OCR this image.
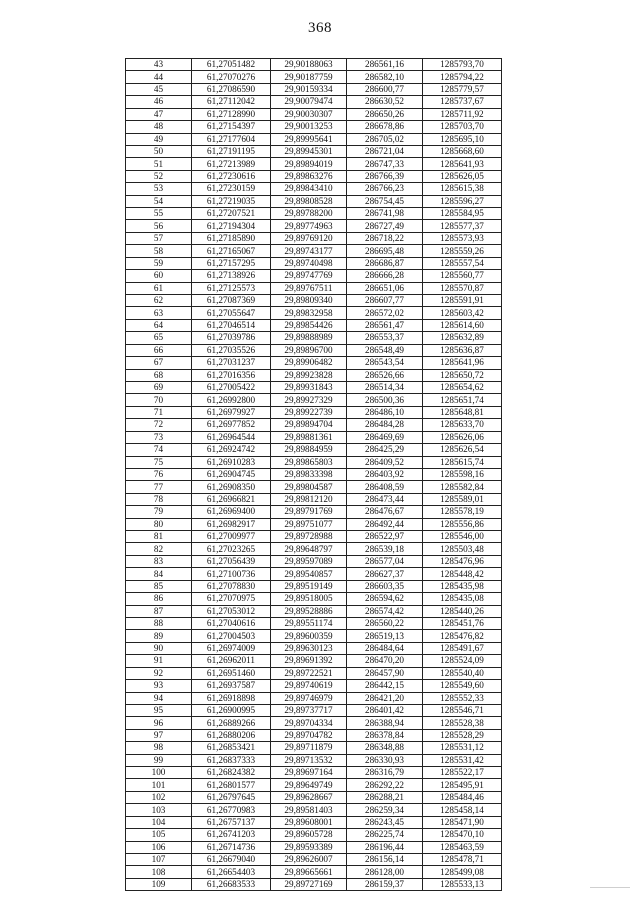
368
43	61,27051482	29,90188063	286561,16	1285793,70
44	61,27070276	29,90187759	286582,10	1285794,22
45	61,27086590	29,90159334	286600,77	1285779,57
46	61,27112042	29,90079474	286630,52	1285737,67
47	61,27128990	29,90030307	286650,26	1285711,92
48	61,27154397	29,90013253	286678,86	1285703,70
49	61,27177604	29,89995641	286705,02	1285695,10
50	61,27191195	29,89945301	286721,04	1285668,60
51	61,27213989	29,89894019	286747,33	1285641,93
52	61,27230616	29,89863276	286766,39	1285626,05
53	61,27230159	29,89843410	286766,23	1285615,38
54	61,27219035	29,89808528	286754,45	1285596,27
55	61,27207521	29,89788200	286741,98	1285584,95
56	61,27194304	29,89774963	286727,49	1285577,37
57	61,27185890	29,89769120	286718,22	1285573,93
58	61,27165067	29,89743177	286695,48	1285559,26
59	61,27157295	29,89740498	286686,87	1285557,54
60	61,27138926	29,89747769	286666,28	1285560,77
61	61,27125573	29,89767511	286651,06	1285570,87
62	61,27087369	29,89809340	286607,77	1285591,91
63	61,27055647	29,89832958	286572,02	1285603,42
64	61,27046514	29,89854426	286561,47	1285614,60
65	61,27039786	29,89888989	286553,37	1285632,89
66	61,27035526	29,89896700	286548,49	1285636,87
67	61,27031237	29,89906482	286543,54	1285641,96
68	61,27016356	29,89923828	286526,66	1285650,72
69	61,27005422	29,89931843	286514,34	1285654,62
70	61,26992800	29,89927329	286500,36	1285651,74
71	61,26979927	29,89922739	286486,10	1285648,81
72	61,26977852	29,89894704	286484,28	1285633,70
73	61,26964544	29,89881361	286469,69	1285626,06
74	61,26924742	29,89884959	286425,29	1285626,54
75	61,26910283	29,89865803	286409,52	1285615,74
76	61,26904745	29,89833398	286403,92	1285598,16
77	61,26908350	29,89804587	286408,59	1285582,84
78	61,26966821	29,89812120	286473,44	1285589,01
79	61,26969400	29,89791769	286476,67	1285578,19
80	61,26982917	29,89751077	286492,44	1285556,86
81	61,27009977	29,89728988	286522,97	1285546,00
82	61,27023265	29,89648797	286539,18	1285503,48
83	61,27056439	29,89597089	286577,04	1285476,96
84	61,27100736	29,89540857	286627,37	1285448,42
85	61,27078830	29,89519149	286603,35	1285435,98
86	61,27070975	29,89518005	286594,62	1285435,08
87	61,27053012	29,89528886	286574,42	1285440,26
88	61,27040616	29,89551174	286560,22	1285451,76
89	61,27004503	29,89600359	286519,13	1285476,82
90	61,26974009	29,89630123	286484,64	1285491,67
91	61,26962011	29,89691392	286470,20	1285524,09
92	61,26951460	29,89722521	286457,90	1285540,40
93	61,26937587	29,89740619	286442,15	1285549,60
94	61,26918898	29,89746979	286421,20	1285552,33
95	61,26900995	29,89737717	286401,42	1285546,71
96	61,26889266	29,89704334	286388,94	1285528,38
97	61,26880206	29,89704782	286378,84	1285528,29
98	61,26853421	29,89711879	286348,88	1285531,12
99	61,26837333	29,89713532	286330,93	1285531,42
100	61,26824382	29,89697164	286316,79	1285522,17
101	61,26801577	29,89649749	286292,22	1285495,91
102	61,26797645	29,89628667	286288,21	1285484,46
103	61,26770983	29,89581403	286259,34	1285458,14
104	61,26757137	29,89608001	286243,45	1285471,90
105	61,26741203	29,89605728	286225,74	1285470,10
106	61,26714736	29,89593389	286196,44	1285463,59
107	61,26679040	29,89626007	286156,14	1285478,71
108	61,26654403	29,89665661	286128,00	1285499,08
109	61,26683533	29,89727169	286159,37	1285533,13
